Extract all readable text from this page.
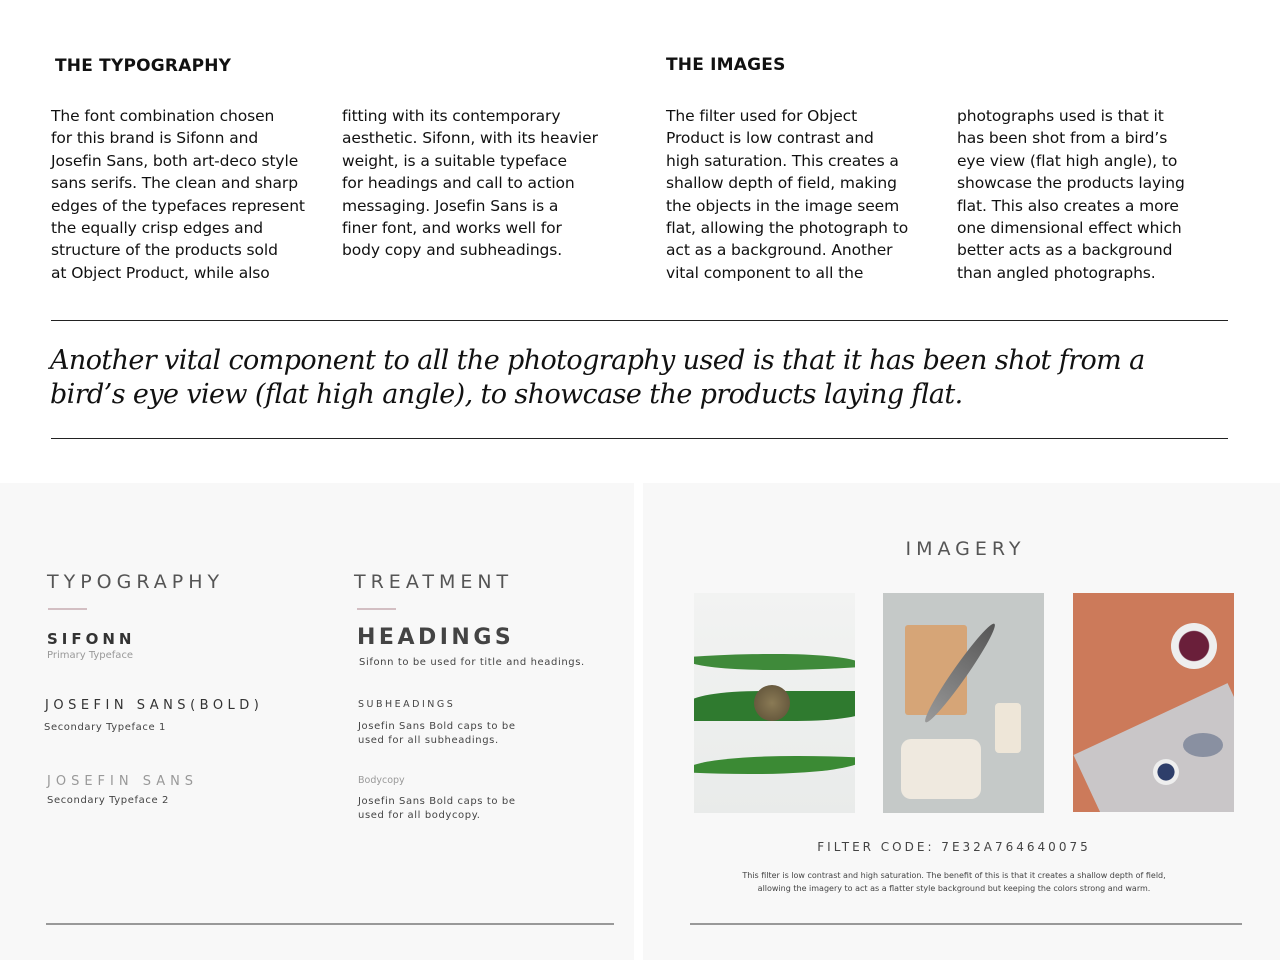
THE TYPOGRAPHY
The font combination chosen
for this brand is Sifonn and
Josefin Sans, both art-deco style
sans serifs. The clean and sharp
edges of the typefaces represent
the equally crisp edges and
structure of the products sold
at Object Product, while also
fitting with its contemporary
aesthetic. Sifonn, with its heavier
weight, is a suitable typeface
for headings and call to action
messaging. Josefin Sans is a
finer font, and works well for
body copy and subheadings.
THE IMAGES
The filter used for Object
Product is low contrast and
high saturation. This creates a
shallow depth of field, making
the objects in the image seem
flat, allowing the photograph to
act as a background. Another
vital component to all the
photographs used is that it
has been shot from a bird’s
eye view (flat high angle), to
showcase the products laying
flat. This also creates a more
one dimensional effect which
better acts as a background
than angled photographs.
Another vital component to all the photography used is that it has been shot from a bird’s eye view (flat high angle), to showcase the products laying flat.
TYPOGRAPHY
SIFONN
Primary Typeface
JOSEFIN SANS(BOLD)
Secondary Typeface 1
JOSEFIN SANS
Secondary Typeface 2
TREATMENT
HEADINGS
Sifonn to be used for title and headings.
SUBHEADINGS
Josefin Sans Bold caps to be
used for all subheadings.
Bodycopy
Josefin Sans Bold caps to be
used for all bodycopy.
IMAGERY
FILTER CODE: 7E32A764640075
This filter is low contrast and high saturation. The benefit of this is that it creates a shallow depth of field,
allowing the imagery to act as a flatter style background but keeping the colors strong and warm.
